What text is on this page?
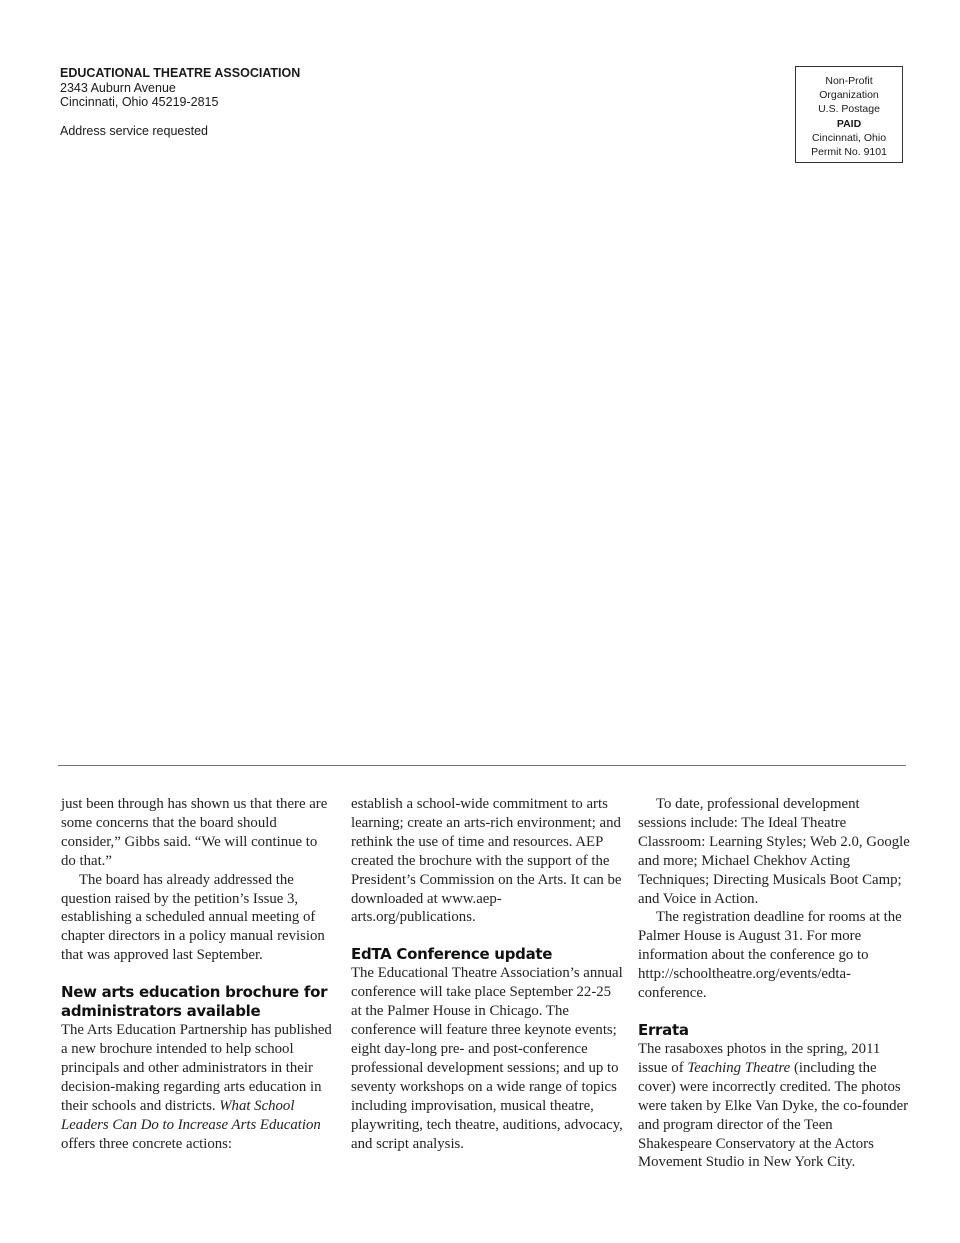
EDUCATIONAL THEATRE ASSOCIATION
2343 Auburn Avenue
Cincinnati, Ohio 45219-2815
Address service requested
Non-Profit
Organization
U.S. Postage
PAID
Cincinnati, Ohio
Permit No. 9101

just been through has shown us that there are some concerns that the board should consider,” Gibbs said. “We will continue to do that.”

The board has already addressed the question raised by the petition’s Issue 3, establishing a scheduled annual meeting of chapter directors in a policy manual revision that was approved last September.

New arts education brochure for administrators available

The Arts Education Partnership has published a new brochure intended to help school principals and other administrators in their decision-making regarding arts education in their schools and districts. What School Leaders Can Do to Increase Arts Education offers three concrete actions:

establish a school-wide commitment to arts learning; create an arts-rich environment; and rethink the use of time and resources. AEP created the brochure with the support of the President’s Commission on the Arts. It can be downloaded at www.aep-arts.org/publications.

EdTA Conference update

The Educational Theatre Association’s annual conference will take place September 22-25 at the Palmer House in Chicago. The conference will feature three keynote events; eight day-long pre- and post-conference professional development sessions; and up to seventy workshops on a wide range of topics including improvisation, musical theatre, playwriting, tech theatre, auditions, advocacy, and script analysis.

To date, professional development sessions include: The Ideal Theatre Classroom: Learning Styles; Web 2.0, Google and more; Michael Chekhov Acting Techniques; Directing Musicals Boot Camp; and Voice in Action.

The registration deadline for rooms at the Palmer House is August 31. For more information about the conference go to http://schooltheatre.org/events/edta-conference.

Errata

The rasaboxes photos in the spring, 2011 issue of Teaching Theatre (including the cover) were incorrectly credited. The photos were taken by Elke Van Dyke, the co-founder and program director of the Teen Shakespeare Conservatory at the Actors Movement Studio in New York City.
